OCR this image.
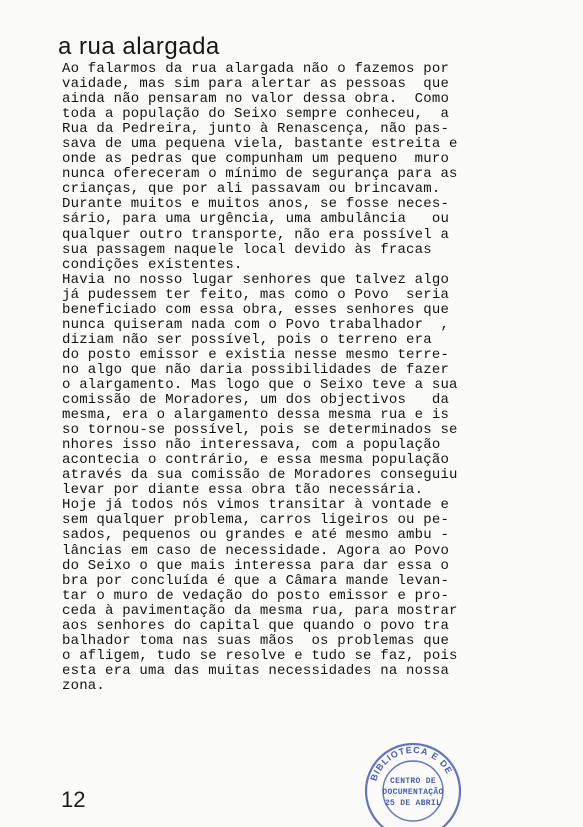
a rua alargada
Ao falarmos da rua alargada não o fazemos por
vaidade, mas sim para alertar as pessoas  que
ainda não pensaram no valor dessa obra.  Como
toda a população do Seixo sempre conheceu,  a
Rua da Pedreira, junto à Renascença, não pas-
sava de uma pequena viela, bastante estreita e
onde as pedras que compunham um pequeno  muro
nunca ofereceram o mínimo de segurança para as
crianças, que por ali passavam ou brincavam.
Durante muitos e muitos anos, se fosse neces-
sário, para uma urgência, uma ambulância   ou
qualquer outro transporte, não era possível a
sua passagem naquele local devido às fracas
condições existentes.
Havia no nosso lugar senhores que talvez algo
já pudessem ter feito, mas como o Povo  seria
beneficiado com essa obra, esses senhores que
nunca quiseram nada com o Povo trabalhador  ,
diziam não ser possível, pois o terreno era
do posto emissor e existia nesse mesmo terre-
no algo que não daria possibilidades de fazer
o alargamento. Mas logo que o Seixo teve a sua
comissão de Moradores, um dos objectivos   da
mesma, era o alargamento dessa mesma rua e is
so tornou-se possível, pois se determinados se
nhores isso não interessava, com a população
acontecia o contrário, e essa mesma população
através da sua comissão de Moradores conseguiu
levar por diante essa obra tão necessária.
Hoje já todos nós vimos transitar à vontade e
sem qualquer problema, carros ligeiros ou pe-
sados, pequenos ou grandes e até mesmo ambu -
lâncias em caso de necessidade. Agora ao Povo
do Seixo o que mais interessa para dar essa o
bra por concluída é que a Câmara mande levan-
tar o muro de vedação do posto emissor e pro-
ceda à pavimentação da mesma rua, para mostrar
aos senhores do capital que quando o povo tra
balhador toma nas suas mãos  os problemas que
o afligem, tudo se resolve e tudo se faz, pois
esta era uma das muitas necessidades na nossa
zona.
12
BIBLIOTECA E DE
CENTRO DE
DOCUMENTAÇÃO
25 DE ABRIL
